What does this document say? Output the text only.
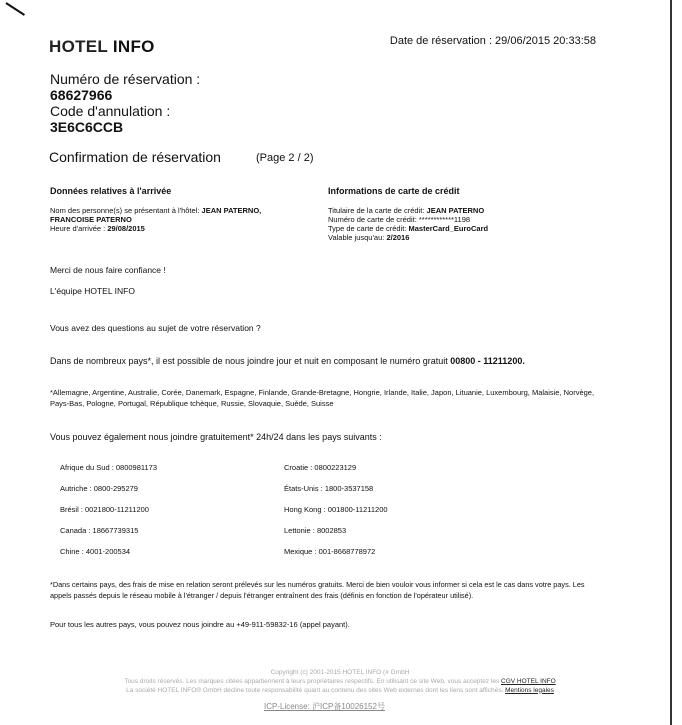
HOTEL INFO	Date de réservation : 29/06/2015 20:33:58
Numéro de réservation :
68627966
Code d'annulation :
3E6C6CCB
Confirmation de réservation	(Page 2 / 2)
Données relatives à l'arrivée
Nom des personne(s) se présentant à l'hôtel: JEAN PATERNO,
FRANCOISE PATERNO
Heure d'arrivée : 29/08/2015
Informations de carte de crédit
Titulaire de la carte de crédit: JEAN PATERNO
Numéro de carte de crédit: ************1198
Type de carte de crédit: MasterCard_EuroCard
Valable jusqu'au: 2/2016
Merci de nous faire confiance !
L'équipe HOTEL INFO
Vous avez des questions au sujet de votre réservation ?
Dans de nombreux pays*, il est possible de nous joindre jour et nuit en composant le numéro gratuit 00800 - 11211200.
*Allemagne, Argentine, Australie, Corée, Danemark, Espagne, Finlande, Grande-Bretagne, Hongrie, Irlande, Italie, Japon, Lituanie, Luxembourg, Malaisie, Norvège, Pays-Bas, Pologne, Portugal, République tchèque, Russie, Slovaquie, Suède, Suisse
Vous pouvez également nous joindre gratuitement* 24h/24 dans les pays suivants :
Afrique du Sud : 0800981173
Autriche : 0800-295279
Brésil : 0021800-11211200
Canada : 18667739315
Chine : 4001-200534
Croatie : 0800223129
États-Unis : 1800-3537158
Hong Kong : 001800-11211200
Lettonie : 8002853
Mexique : 001-8668778972
*Dans certains pays, des frais de mise en relation seront prélevés sur les numéros gratuits. Merci de bien vouloir vous informer si cela est le cas dans votre pays. Les appels passés depuis le réseau mobile à l'étranger / depuis l'étranger entraînent des frais (définis en fonction de l'opérateur utilisé).
Pour tous les autres pays, vous pouvez nous joindre au +49-911-59832-16 (appel payant).
Copyright (c) 2001-2015 HOTEL INFO (# GmbH
Tous droits réservés. Les marques citées appartiennent à leurs propriétaires respectifs. En utilisant ce site Web, vous acceptez les CGV HOTEL INFO
La société HOTEL INFO® GmbH décline toute responsabilité quant au contenu des sites Web externes dont les liens sont affichés. Mentions legales
ICP-License: 沪ICP备10026152号
